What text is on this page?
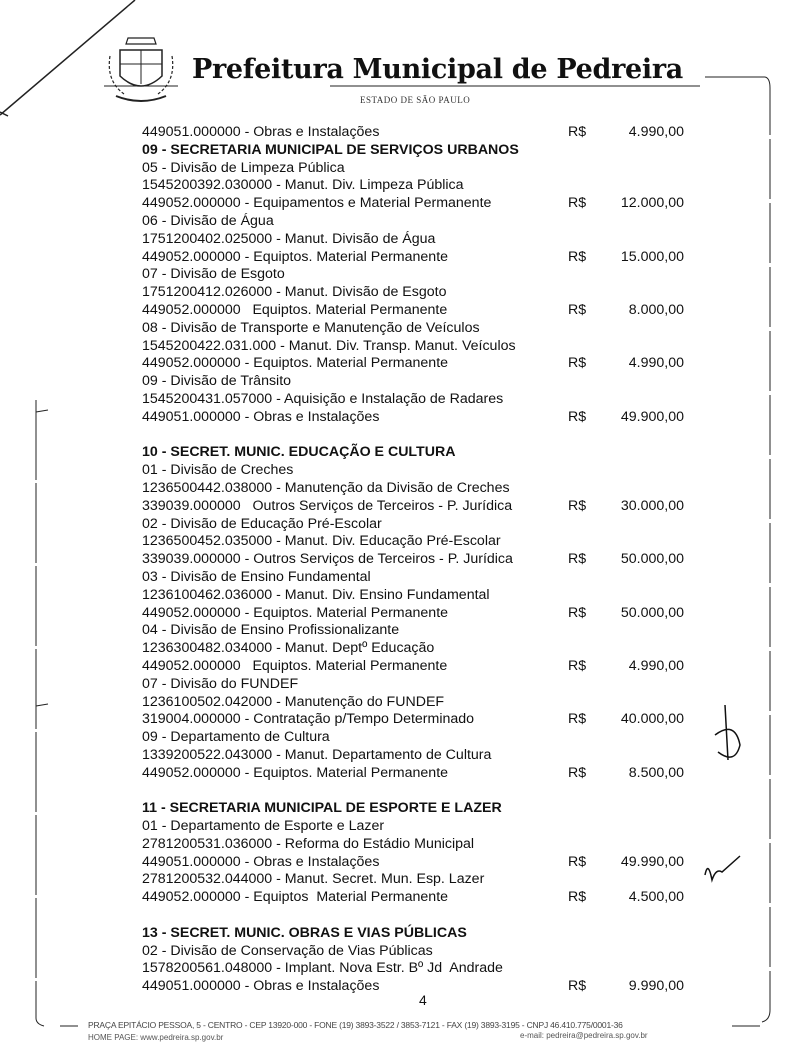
Prefeitura Municipal de Pedreira
ESTADO DE SÃO PAULO
449051.000000 - Obras e Instalações	R$	4.990,00
09 - SECRETARIA MUNICIPAL DE SERVIÇOS URBANOS
05 - Divisão de Limpeza Pública
1545200392.030000 - Manut. Div. Limpeza Pública
449052.000000 - Equipamentos e Material Permanente	R$ 12.000,00
06 - Divisão de Água
1751200402.025000 - Manut. Divisão de Água
449052.000000 - Equiptos. Material Permanente	R$ 15.000,00
07 - Divisão de Esgoto
1751200412.026000 - Manut. Divisão de Esgoto
449052.000000   Equiptos. Material Permanente	R$	8.000,00
08 - Divisão de Transporte e Manutenção de Veículos
1545200422.031.000 - Manut. Div. Transp. Manut. Veículos
449052.000000 - Equiptos. Material Permanente	R$	4.990,00
09 - Divisão de Trânsito
1545200431.057000 - Aquisição e Instalação de Radares
449051.000000 - Obras e Instalações	R$ 49.900,00
10 - SECRET. MUNIC. EDUCAÇÃO E CULTURA
01 - Divisão de Creches
1236500442.038000 - Manutenção da Divisão de Creches
339039.000000   Outros Serviços de Terceiros - P. Jurídica	R$ 30.000,00
02 - Divisão de Educação Pré-Escolar
1236500452.035000 - Manut. Div. Educação Pré-Escolar
339039.000000 - Outros Serviços de Terceiros - P. Jurídica	R$ 50.000,00
03 - Divisão de Ensino Fundamental
1236100462.036000 - Manut. Div. Ensino Fundamental
449052.000000 - Equiptos. Material Permanente	R$ 50.000,00
04 - Divisão de Ensino Profissionalizante
1236300482.034000 - Manut. Deptº Educação
449052.000000   Equiptos. Material Permanente	R$	4.990,00
07 - Divisão do FUNDEF
1236100502.042000 - Manutenção do FUNDEF
319004.000000 - Contratação p/Tempo Determinado	R$ 40.000,00
09 - Departamento de Cultura
1339200522.043000 - Manut. Departamento de Cultura
449052.000000 - Equiptos. Material Permanente	R$	8.500,00
11 - SECRETARIA MUNICIPAL DE ESPORTE E LAZER
01 - Departamento de Esporte e Lazer
2781200531.036000 - Reforma do Estádio Municipal
449051.000000 - Obras e Instalações	R$ 49.990,00
2781200532.044000 - Manut. Secret. Mun. Esp. Lazer
449052.000000 - Equiptos  Material Permanente	R$	4.500,00
13 - SECRET. MUNIC. OBRAS E VIAS PÚBLICAS
02 - Divisão de Conservação de Vias Públicas
1578200561.048000 - Implant. Nova Estr. Bº Jd  Andrade
449051.000000 - Obras e Instalações	R$	9.990,00
4
PRAÇA EPITÁCIO PESSOA, 5 - CENTRO - CEP 13920-000 - FONE (19) 3893-3522 / 3853-7121 - FAX (19) 3893-3195 - CNPJ 46.410.775/0001-36
HOME PAGE: www.pedreira.sp.gov.br	e-mail: pedreira@pedreira.sp.gov.br
